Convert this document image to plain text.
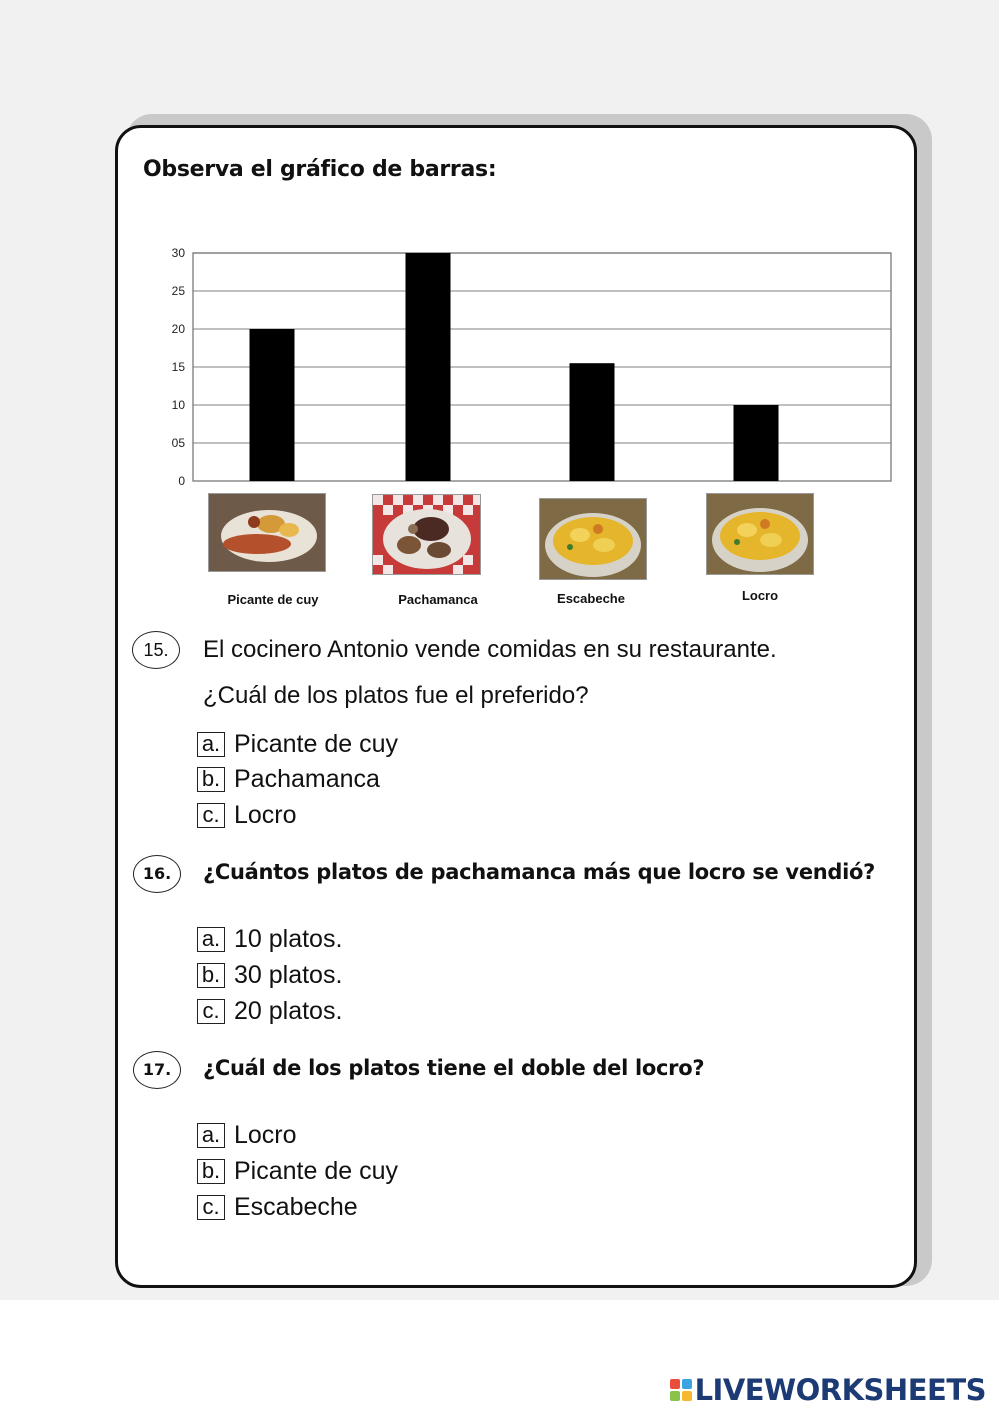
Observa el gráfico de barras:
0
05
10
15
20
25
30
Picante de cuy	Pachamanca	Escabeche	Locro
15.	El cocinero Antonio vende comidas en su restaurante.
¿Cuál de los platos fue el preferido?
a. Picante de cuy
b. Pachamanca
c. Locro
16.	¿Cuántos platos de pachamanca más que locro se vendió?
a. 10 platos.
b. 30 platos.
c. 20 platos.
17.	¿Cuál de los platos tiene el doble del locro?
a. Locro
b. Picante de cuy
c. Escabeche
LIVEWORKSHEETS
